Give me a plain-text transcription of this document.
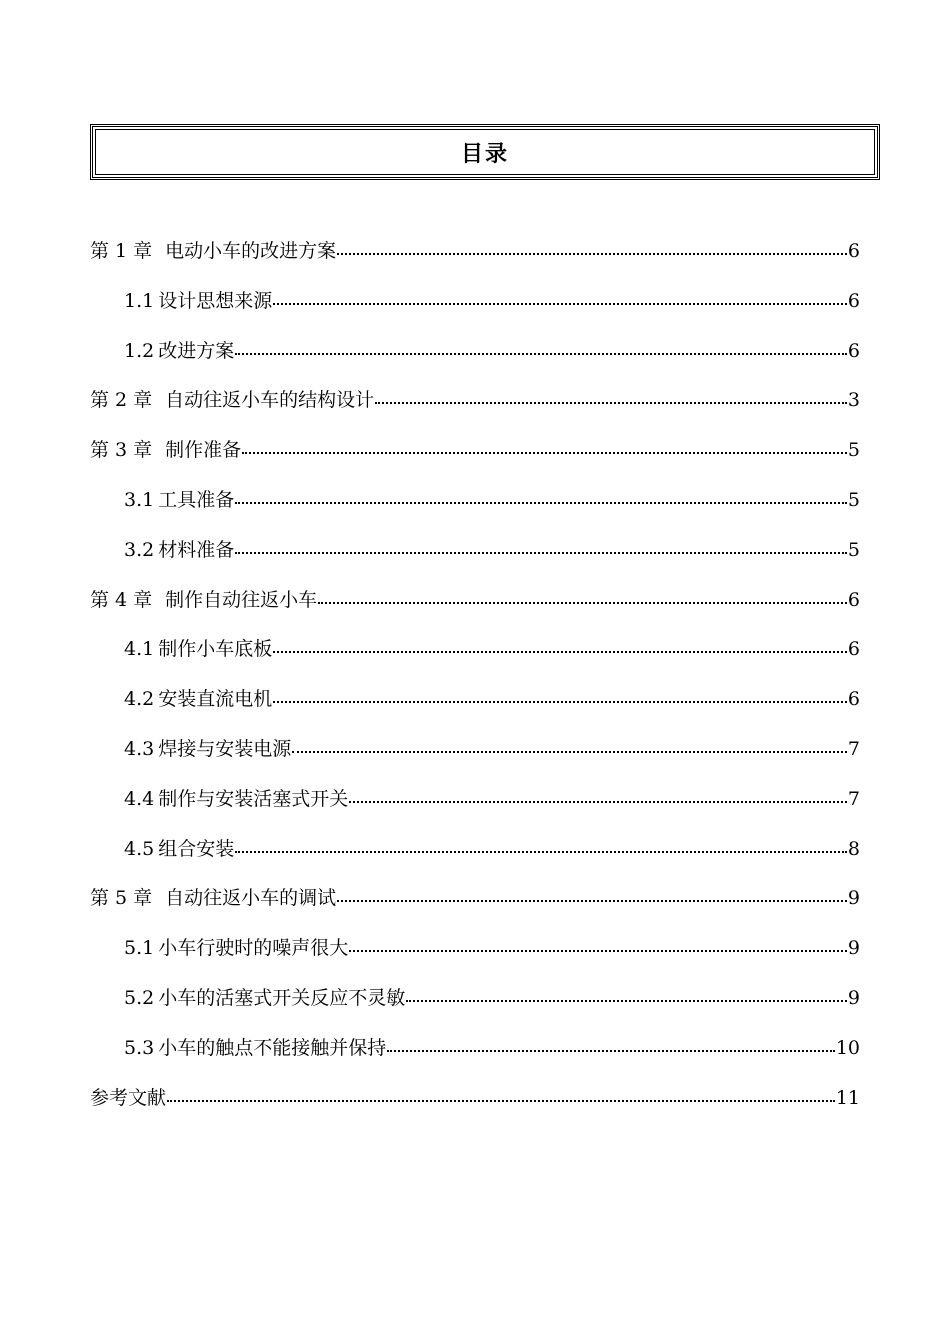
目录
第 1 章 电动小车的改进方案	6
1.1 设计思想来源	6
1.2 改进方案	6
第 2 章 自动往返小车的结构设计	3
第 3 章 制作准备	5
3.1 工具准备	5
3.2 材料准备	5
第 4 章 制作自动往返小车	6
4.1 制作小车底板	6
4.2 安装直流电机	6
4.3 焊接与安装电源	7
4.4 制作与安装活塞式开关	7
4.5 组合安装	8
第 5 章 自动往返小车的调试	9
5.1 小车行驶时的噪声很大	9
5.2 小车的活塞式开关反应不灵敏	9
5.3 小车的触点不能接触并保持	10
参考文献	11
